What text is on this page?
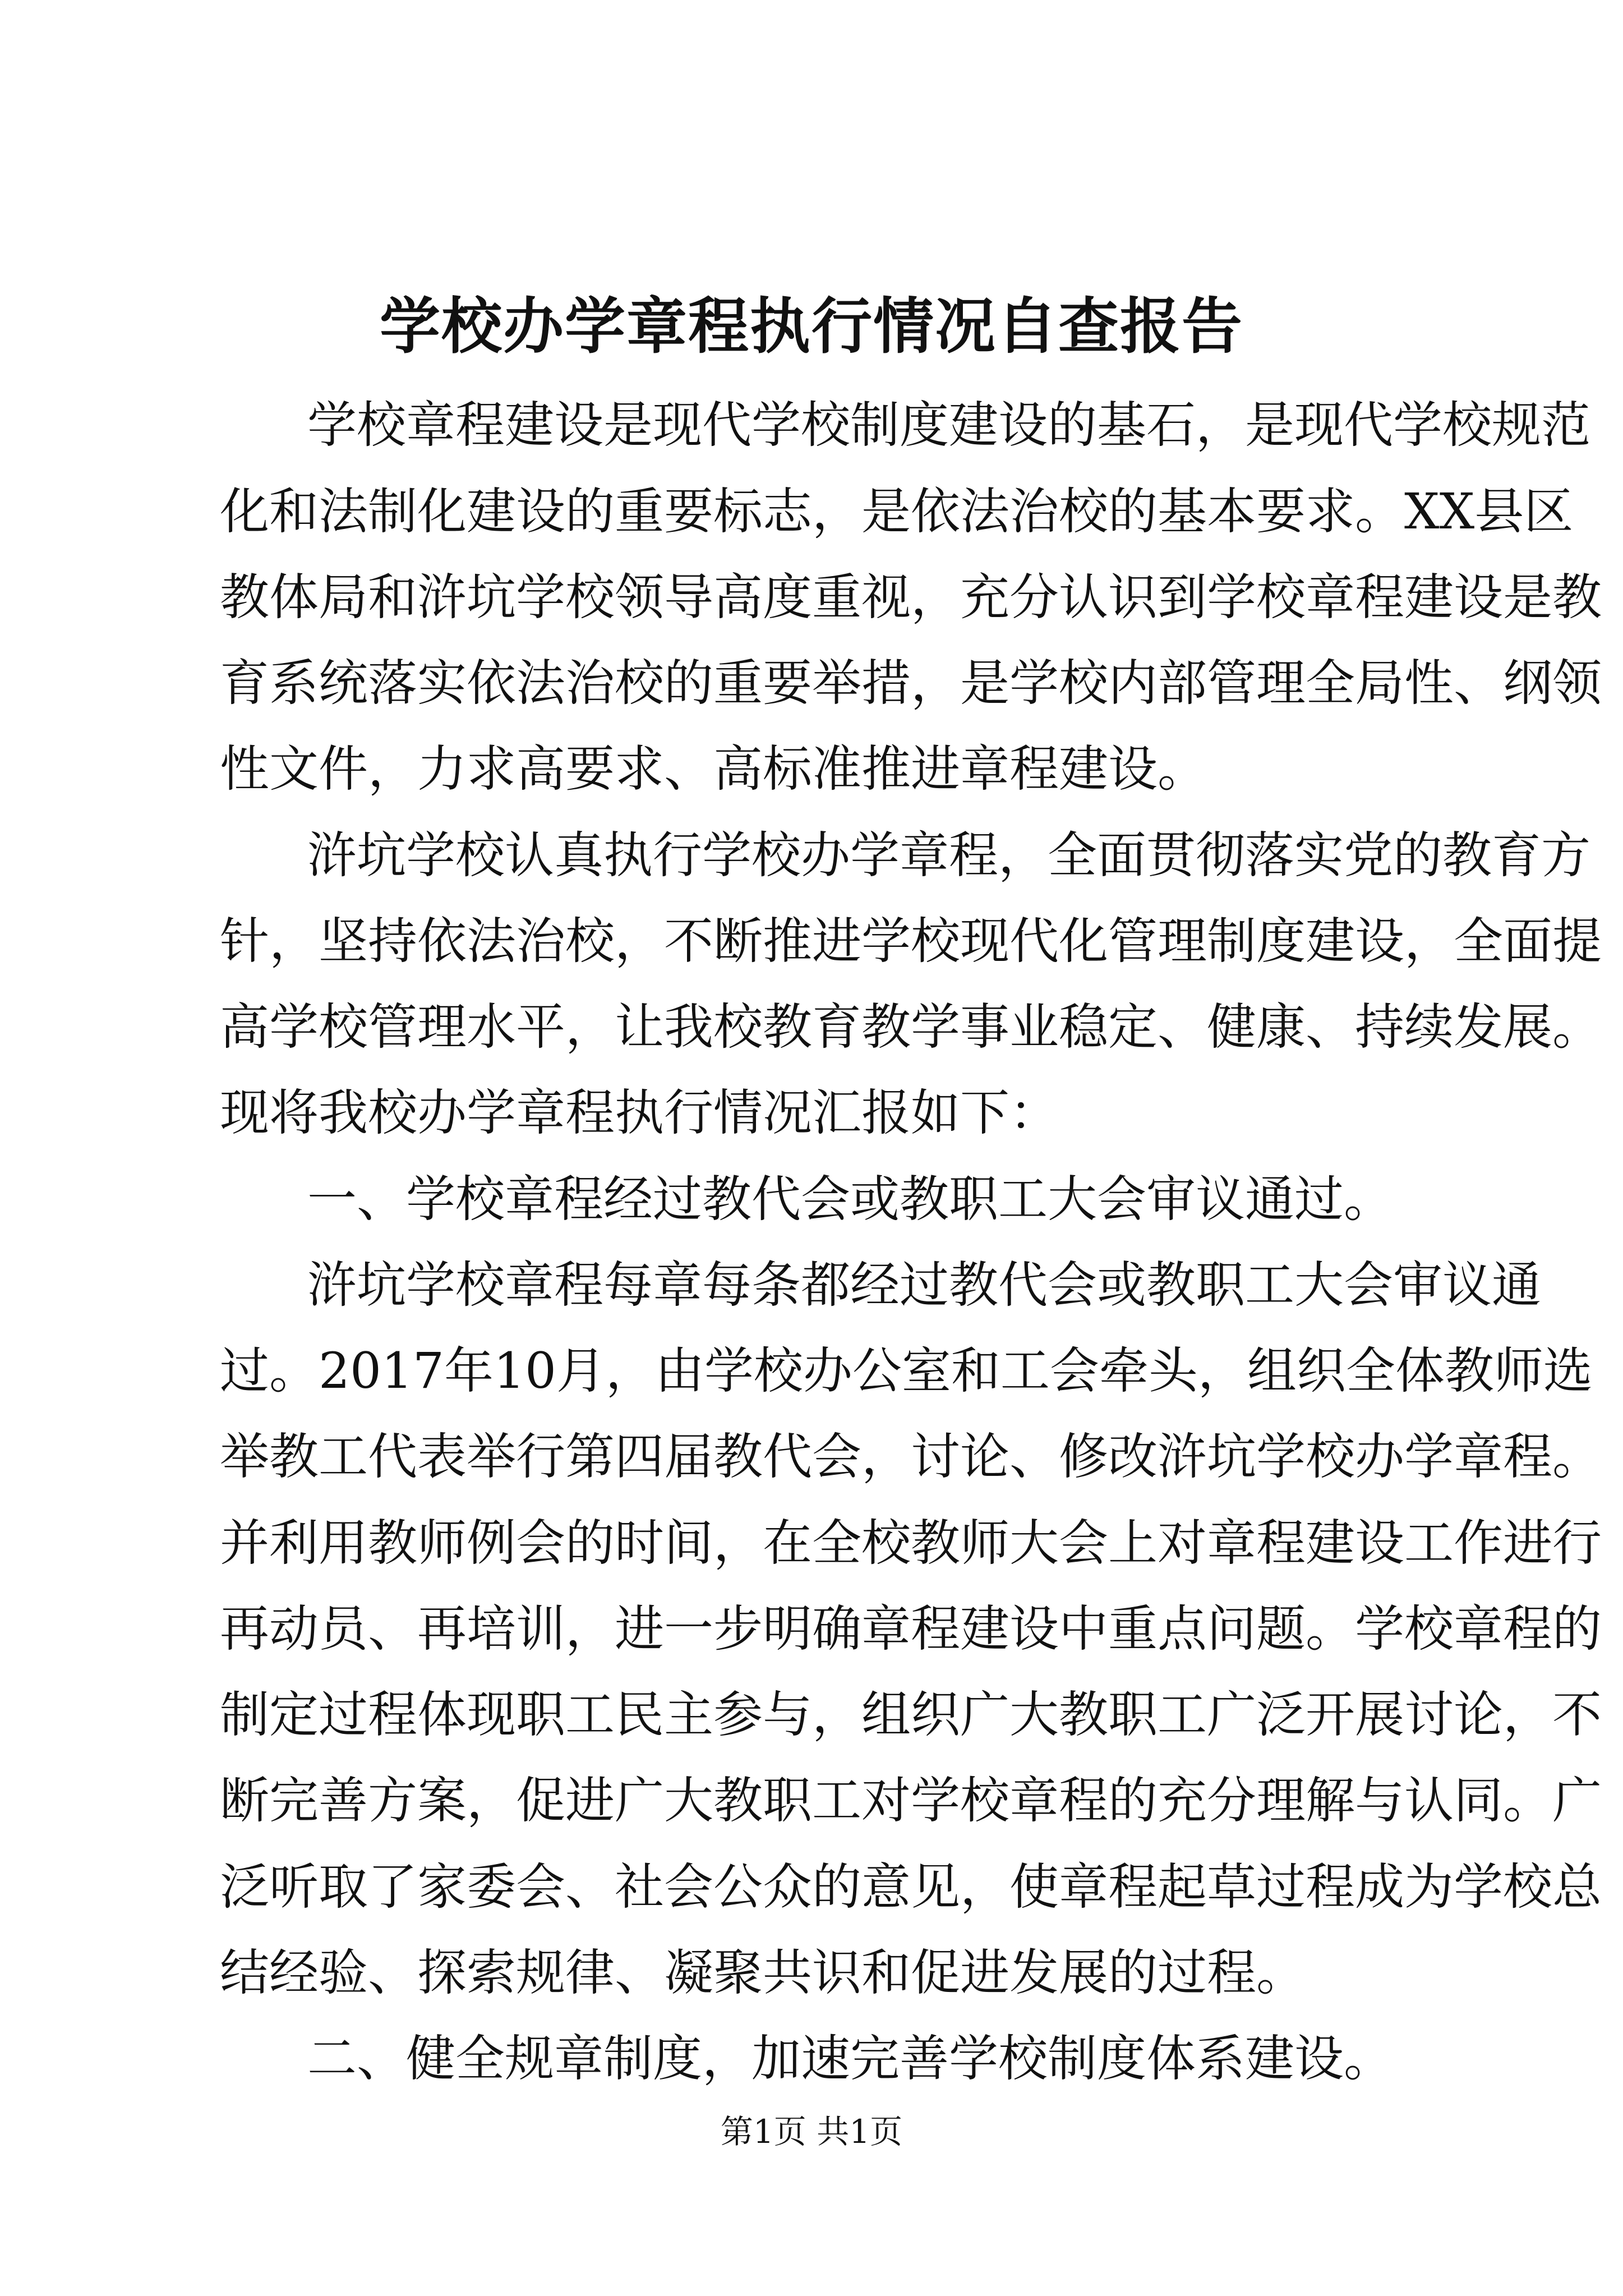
学校办学章程执行情况自查报告
学校章程建设是现代学校制度建设的基石，是现代学校规范
化和法制化建设的重要标志，是依法治校的基本要求。XX县区
教体局和浒坑学校领导高度重视，充分认识到学校章程建设是教
育系统落实依法治校的重要举措，是学校内部管理全局性、纲领
性文件，力求高要求、高标准推进章程建设。
浒坑学校认真执行学校办学章程，全面贯彻落实党的教育方
针，坚持依法治校，不断推进学校现代化管理制度建设，全面提
高学校管理水平，让我校教育教学事业稳定、健康、持续发展。
现将我校办学章程执行情况汇报如下：
一、学校章程经过教代会或教职工大会审议通过。
浒坑学校章程每章每条都经过教代会或教职工大会审议通
过。2017年10月，由学校办公室和工会牵头，组织全体教师选
举教工代表举行第四届教代会，讨论、修改浒坑学校办学章程。
并利用教师例会的时间，在全校教师大会上对章程建设工作进行
再动员、再培训，进一步明确章程建设中重点问题。学校章程的
制定过程体现职工民主参与，组织广大教职工广泛开展讨论，不
断完善方案，促进广大教职工对学校章程的充分理解与认同。广
泛听取了家委会、社会公众的意见，使章程起草过程成为学校总
结经验、探索规律、凝聚共识和促进发展的过程。
二、健全规章制度，加速完善学校制度体系建设。
第1页 共1页
